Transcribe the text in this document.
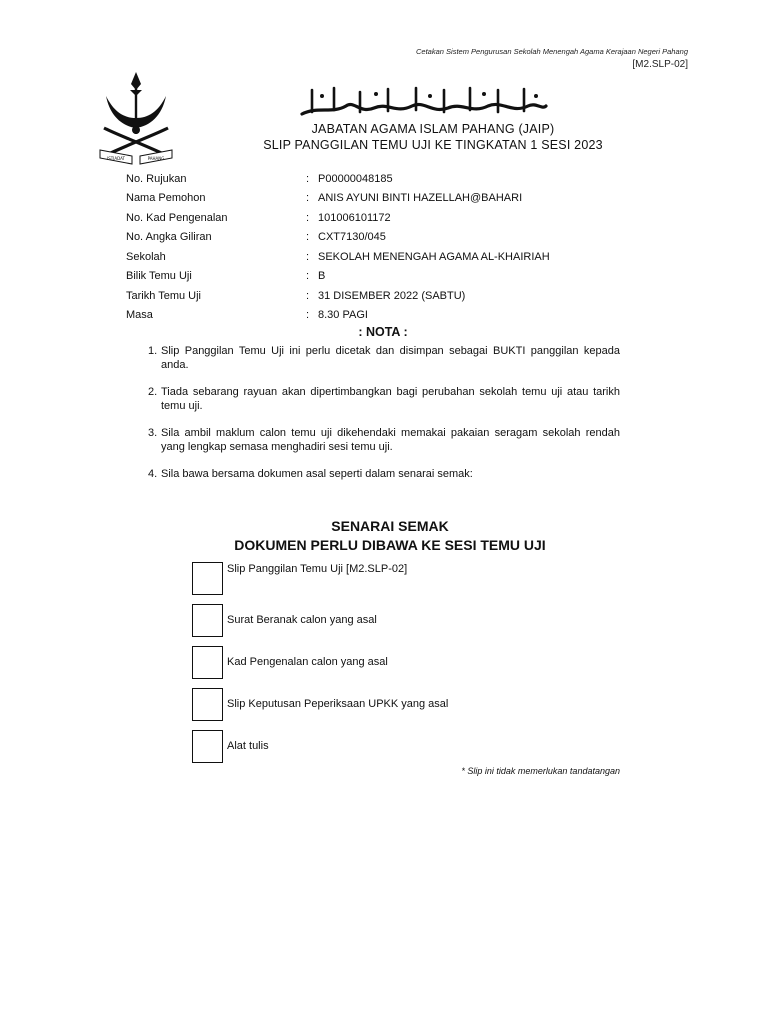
Cetakan Sistem Pengurusan Sekolah Menengah Agama Kerajaan Negeri Pahang
[M2.SLP-02]
ISTIADAT	PAHANG
JABATAN AGAMA ISLAM PAHANG (JAIP)
SLIP PANGGILAN TEMU UJI KE TINGKATAN 1 SESI 2023
No. Rujukan	: P00000048185
Nama Pemohon	: ANIS AYUNI BINTI HAZELLAH@BAHARI
No. Kad Pengenalan	: 101006101172
No. Angka Giliran	: CXT7130/045
Sekolah	: SEKOLAH MENENGAH AGAMA AL-KHAIRIAH
Bilik Temu Uji	: B
Tarikh Temu Uji	: 31 DISEMBER 2022 (SABTU)
Masa	: 8.30 PAGI
: NOTA :
1. Slip Panggilan Temu Uji ini perlu dicetak dan disimpan sebagai BUKTI panggilan kepada anda.
2. Tiada sebarang rayuan akan dipertimbangkan bagi perubahan sekolah temu uji atau tarikh temu uji.
3. Sila ambil maklum calon temu uji dikehendaki memakai pakaian seragam sekolah rendah yang lengkap semasa menghadiri sesi temu uji.
4. Sila bawa bersama dokumen asal seperti dalam senarai semak:
SENARAI SEMAK
DOKUMEN PERLU DIBAWA KE SESI TEMU UJI
Slip Panggilan Temu Uji [M2.SLP-02]
Surat Beranak calon yang asal
Kad Pengenalan calon yang asal
Slip Keputusan Peperiksaan UPKK yang asal
Alat tulis
* Slip ini tidak memerlukan tandatangan
